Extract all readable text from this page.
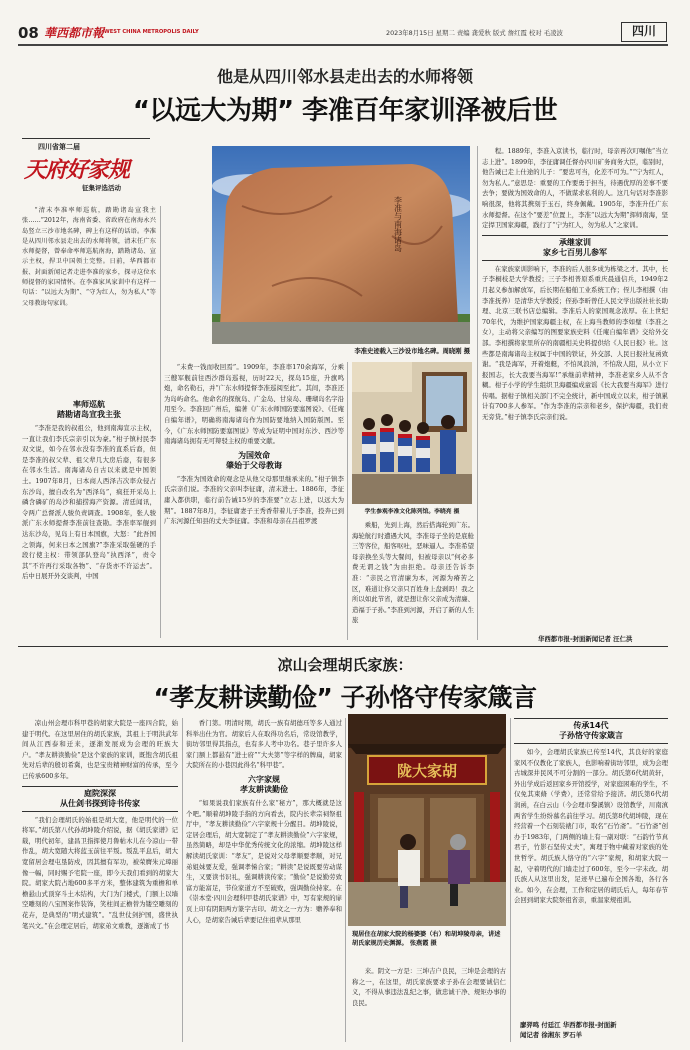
08 華西都市報 WEST CHINA METROPOLIS DAILY	2023年8月15日 星期二 责编 龚爱秋 版式 詹红霞 校对 毛凌波	四川
他是从四川邻水县走出去的水师将领
“以远大为期” 李准百年家训泽被后世
四川省第二届
天府好家规
征集评选活动
李准与南海诸岛
李准史迹载入三沙设市地名碑。周晓刚 摄
学生参观李准文化陈列馆。李晓亮 摄

“清末李准率师巡航，踏勘诸岛宣我主张……”2012年，海南省委、省政府在南海永兴岛竖立三沙市地名碑，碑上有这样的话语。李准是从四川邻水县走出去的水师将领，清末任广东水师提督，曾奉命率师巡航南海，踏勘诸岛、宣示主权，捍卫中国领土完整。日前，华西都市报、封面新闻记者走进李准的家乡，探寻这位水师提督的家国情怀。在李准家风家训中有这样一句话：“以远大为期”、“守为红人，勿为私人”等父母教诲句家训。

率师巡航
踏勘诸岛宣我主张

“李准是我的叔祖公，他到南海宣示主权，一直让我们李氏宗亲引以为豪。”柑子镇村民李双文说，如今在邻水没有李准的直系后裔，但是李准的叔父辈、祖父辈几大房后裔，有很多在邻水生活。南海诸岛自古以来就是中国领土。1907年8月，日本商人西泽吉次率众侵占东沙岛，擅自改名为“西泽岛”，疯狂开采岛上磷含磷矿的岛沙和捕捞海产资源。清廷闻讯，令两广总督派人骏负责调查。1908年，张人骏派广东水师提督李准前往查勘。李准率军舰到达东沙岛，见岛上有日本国旗，大怒：“此吾国之领海，何来日本之国旗?”李准采取强硬的手段行使主权：带领部队登岛“执西泽”，责令其“不许再行采取各物”、“存货亦不许运去”。后中日展开外交谈判，中国

“未费一钱而收回焉”。1909年，李准率170余海军，分乘三艘军舰前往西沙群岛巡视，历时22天，探岛15座，升旗鸣炮，命名勒石，并“广东水师提督李准巡阅至此”。其间，李准还为岛屿命名。他命名的探航岛、广金岛、甘泉岛、珊瑚岛名字沿用至今。李准回广州后，编著《广东水师国防要塞图说》、《任庵自编年谱》，明确将南海诸岛作为国防要地纳入国防版图。至今，《广东水师国防要塞图说》等成为证明中国对东沙、西沙等南海诸岛拥有无可辩驳主权的重要文献。

为国效命
肇始于父母教诲

“李准为国效命的观念是从他父母那里继承来的。”柑子镇李氏宗亲们说。李准的父亲叫李征庸，清末进士。1886年，李征庸入都供职，临行前告诫15岁的李准要“立志上进，以远大为期”。1887年8月，李征庸妻子王秀香带着儿子李准，投奔已到广东河源任知县的丈夫李征庸。李准和母亲在吕祖罗渡	乘船，先到上海，然后搭海轮到广东。海轮航行时遭遇大风，李准母子坐的是底舱三等客位，船客呕吐，恶味逼人。李准希望母亲换坐头等大餐间，但被母亲以“何必多费无谓之钱”为由拒绝。母亲还告诉李准：“亲民之官清廉为本，河源为瘠苦之区，难道让你父亲只百姓身上盘剥吗！我之所以如此节省，就是想让你父亲成为清廉、造福于子孙。”李准到河源，开启了新的人生旅

程。1889年，李准入京读书，临行时，母亲再次叮嘱他“当立志上进”。1899年，李征庸调任督办四川矿务商务大臣，临别时，他告诫已走上仕途的儿子：“要忠可当，化差不可为。”“宁为红人，勿为私人。”意思是：重要的工作要勇于担当，待遇优厚的差事不要去争；要做为国效命的人，不做谋求私利的人。这几句话对李准影响很深，他将其携刻于玉石，终身佩戴。1905年，李准升任广东水师提督。在这个“要差”位置上，李准“以远大为期”挥师南海，坚定捍卫国家海疆，践行了“宁为红人，勿为私人”之家训。

承继家训
家乡七百男儿参军

在家族家训影响下，李准的后人很多成为栋梁之才。其中，长子李桐枝是大学教授；三子李相普原系重庆晨通信兵，1949年2月起义参加解放军，后长期在船舶工业系统工作；侄儿李相撰（由李准抚养）是清华大学教授；侄孙李昕曾任人民文学出版社社长助理、北京三联书店总编辑。李准后人的家国观念浓厚。在上世纪70年代，为维护国家海疆主权，在上海当教师的李如璧（李准之女），主动将父亲编写的图要家族史料《任庵自编年谱》交给外交部。李相撰将家里所存的南疆相关史料提供给《人民日报》社。这些都是南海诸岛主权属于中国的铁证，外交部、人民日报社复函致谢。“我是海军，开着炮艇，不怕风浪汹，不怕敌人阻，从小立下报国志，长大我要当海军!”承继前辈精神，李准老家乡人从不含糊。柑子小学的学生组织卫海疆编成童谣《长大我要当海军》进行传唱。据柑子镇相关部门不完全统计，新中国成立以来，柑子镇累计有700多人参军。“作为李准的宗亲和老乡，保护海疆，我们责无旁贷。”柑子镇李氏宗亲们说。

华西都市报-封面新闻记者 汪仁洪
凉山会理胡氏家族：
“孝友耕读勤俭” 子孙恪守传家箴言

凉山州会理市科甲巷的胡家大院是一座四合院，始建于明代。在这里居住的胡氏家族，其祖上于明洪武年间从江西泰和迁来，逐渐发展成为会理的旺族大户。“孝友耕读勤俭”是这个家族的家训，既饱含胡氏祖先对后辈的殷切希冀，也是宝贵精神财富的传承，至今已传承600多年。

庭院深深
从仕剑书探到诗书传家

“我们会理胡氏的始祖是胡大宽，他是明代的一位将军。”胡氏第八代孙胡坤陵介绍说，据《胡氏家谱》记载，明代初年，建昌卫指挥使月鲁帖木儿在今凉山一带作乱，胡大宽随大将蓝玉前往平叛。叛乱平息后，胡大宽留居会理屯垦防戍，因其擅有军功，被荣膺朱元璋丽像一幅，同时赐予宅院一座，即今天我们看到的胡家大院。胡家大院占地600多平方米，整体建筑为重檐和单檐悬山式顶穿斗土木结构，大门为门楼式，门额上以墙空雕刻的八宝图案作装饰，笑柱间正檐替为镂空雕刻的花卉，是典型的“明式建筑”。“乱世仗剑护国，盛世执笔兴文。”在会理定居后，胡家弟文重教，逐渐成了书

香门第。明清时期，胡氏一族有胡德珏等多人通过科举出仕为官。胡家后人在取得功名后，常设馆教学，街坊邻里得其指点，也有多人考中功名。巷子里许多人家门额上都悬有“进士府”“大夫第”等字样的牌扁，胡家大院所在的小巷因此得名“科甲巷”。

六字家规
孝友耕读勤俭

“如果说我们家族有什么家“秘方”，那大概就是这个吧。”顺着胡坤陵手指的方向看去，院内长辈宗祠祭祖厅中，“孝友耕读勤俭”六字家规十分醒目。胡坤陵说，定居会理后，胡大宽制定了“孝友耕读勤俭”六字家规，虽然简略，却是中华优秀传统文化的浓缩。胡坤陵这样解读胡氏家训：“孝友”，是说对父母孝顺要孝顺，对兄弟姐妹要友爱，强调孝悌合家；“耕读”是说既要劳动谋生，又要读书识礼，强调耕读传家；“勤俭”是说勤劳致富方能富足，节俭家道方不至破败，强调勤俭持家。在《崇本堂·四川会理科甲巷胡氏家谱》中，写有家规的扉页上印有阴阳两方篆字古印。胡文之一方为：赡养奉和人心，是胡家告诫后辈要记住祖辈从那里

陇大家胡
现居住在胡家大院的杨婆婆（右）和胡坤陵母亲，讲述胡氏家规历史渊源。 张燕霞 摄

来。阴文一方是：三坤吉户良民，三坤是会理的古称之一，在这里，胡氏家族要求子孙在会理要诚信仁义，不得从事违法乱纪之事，做忠诚干净、规矩办事的良民。

传承14代
子孙恪守传家箴言

如今，会理胡氏家族已传至14代，其良好的家庭家风不仅教化了家族人，也影响着街坊邻里，成为会理古城深井民风不可分割的一部分。胡氏第6代胡黄轩，外出学成后返回家乡开馆授学，对家庭困难的学生，不仅免其束脩（学费），还常常给予接济。胡氏第6代胡润函，在白云山（今会理市黎溪镇）设馆教学，川南滇两省学生纷纷慕名前往学习。胡氏第8代胡坤陵，现在经营着一个石刻装裱门市，取名“石竹斋”。“石竹斋”创办于1983年，门两侧的墙上有一副对联：“石韵竹节真君子，竹影石坚传丈夫”，寓理于物中藏着对家族的处世哲学。胡氏族人恪守的“六字”家规，和胡家大院一起，守着明代的门墙走过了600年，至今一字未改。胡氏族人从这里出发，足迹早已遍布全国各地，各行各业。如今，在会理，工作和定居的胡氏后人，每年春节会回到胡家大院祭祖省亲，重温家规祖训。

廖羿鸣 付廷江 华西都市报-封面新
闻记者 徐湘东 罗石羊
